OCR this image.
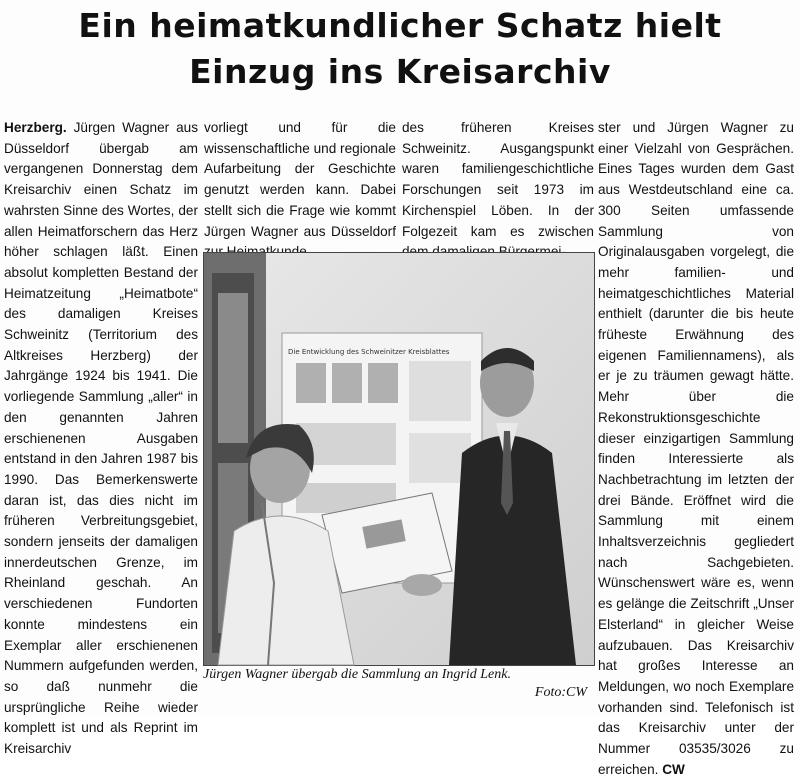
Ein heimatkundlicher Schatz hielt
Einzug ins Kreisarchiv
Herzberg. Jürgen Wagner aus Düsseldorf übergab am vergangenen Donnerstag dem Kreisarchiv einen Schatz im wahrsten Sinne des Wortes, der allen Heimatforschern das Herz höher schlagen läßt. Einen absolut kompletten Bestand der Heimatzeitung „Heimatbote“ des damaligen Kreises Schweinitz (Territorium des Altkreises Herzberg) der Jahrgänge 1924 bis 1941. Die vorliegende Sammlung „aller“ in den genannten Jahren erschienenen Ausgaben entstand in den Jahren 1987 bis 1990. Das Bemerkenswerte daran ist, das dies nicht im früheren Verbreitungsgebiet, sondern jenseits der damaligen innerdeutschen Grenze, im Rheinland geschah. An verschiedenen Fundorten konnte mindestens ein Exemplar aller erschienenen Nummern aufgefunden werden, so daß nunmehr die ursprüngliche Reihe wieder komplett ist und als Reprint im Kreisarchiv
vorliegt und für die wissenschaftliche und regionale Aufarbeitung der Geschichte genutzt werden kann. Dabei stellt sich die Frage wie kommt Jürgen Wagner aus Düsseldorf
des früheren Kreises Schweinitz. Ausgangspunkt waren familiengeschichtliche Forschungen seit 1973 im Kirchenspiel Löben. In der Folgezeit kam es zwischen
ster und Jürgen Wagner zu einer Vielzahl von Gesprächen. Eines Tages wurden dem Gast aus Westdeutschland eine ca. 300 Seiten umfassende Sammlung von Originalausgaben vorgelegt, die mehr familien- und heimatgeschichtliches Material enthielt (darunter die bis heute früheste Erwähnung des eigenen Familiennamens), als er je zu träumen gewagt hätte. Mehr über die Rekonstruktionsgeschichte dieser einzigartigen Sammlung finden Interessierte als Nachbetrachtung im letzten der drei Bände. Eröffnet wird die Sammlung mit einem Inhaltsverzeichnis gegliedert nach Sachgebieten. Wünschenswert wäre es, wenn es gelänge die Zeitschrift „Unser Elsterland“ in gleicher Weise aufzubauen. Das Kreisarchiv hat großes Interesse an Meldungen, wo noch Exemplare vorhanden sind. Telefonisch ist das Kreisarchiv unter der Nummer 03535/3026 zu erreichen. CW
Die Entwicklung des Schweinitzer Kreisblattes
Jürgen Wagner übergab die Sammlung an Ingrid Lenk.
Foto:CW
